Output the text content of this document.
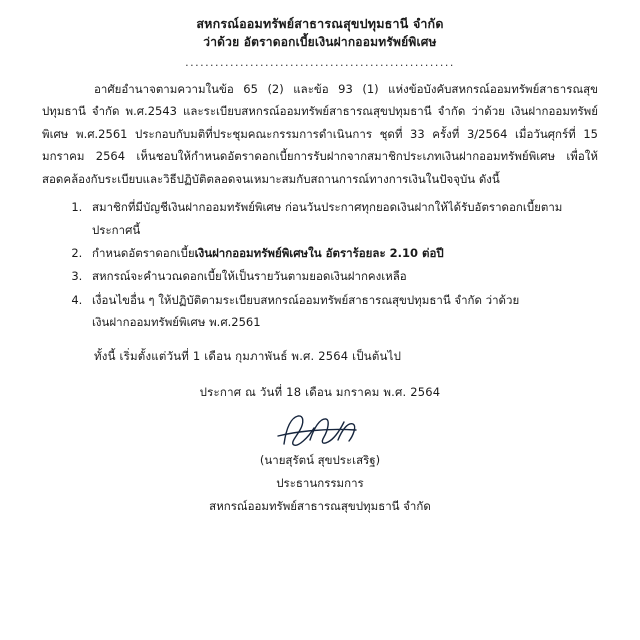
สหกรณ์ออมทรัพย์สาธารณสุขปทุมธานี จำกัด
ว่าด้วย อัตราดอกเบี้ยเงินฝากออมทรัพย์พิเศษ
......................................................
อาศัยอำนาจตามความในข้อ 65 (2) และข้อ 93 (1) แห่งข้อบังคับสหกรณ์ออมทรัพย์สาธารณสุขปทุมธานี จำกัด พ.ศ.2543 และระเบียบสหกรณ์ออมทรัพย์สาธารณสุขปทุมธานี จำกัด ว่าด้วย เงินฝากออมทรัพย์พิเศษ พ.ศ.2561 ประกอบกับมติที่ประชุมคณะกรรมการดำเนินการ ชุดที่ 33 ครั้งที่ 3/2564 เมื่อวันศุกร์ที่ 15 มกราคม 2564 เห็นชอบให้กำหนดอัตราดอกเบี้ยการรับฝากจากสมาชิกประเภทเงินฝากออมทรัพย์พิเศษ เพื่อให้สอดคล้องกับระเบียบและวิธีปฏิบัติตลอดจนเหมาะสมกับสถานการณ์ทางการเงินในปัจจุบัน ดังนี้
1. สมาชิกที่มีบัญชีเงินฝากออมทรัพย์พิเศษ ก่อนวันประกาศทุกยอดเงินฝากให้ได้รับอัตราดอกเบี้ยตาม
ประกาศนี้
2. กำหนดอัตราดอกเบี้ยเงินฝากออมทรัพย์พิเศษใน อัตราร้อยละ 2.10 ต่อปี
3. สหกรณ์จะคำนวณดอกเบี้ยให้เป็นรายวันตามยอดเงินฝากคงเหลือ
4. เงื่อนไขอื่น ๆ ให้ปฏิบัติตามระเบียบสหกรณ์ออมทรัพย์สาธารณสุขปทุมธานี จำกัด ว่าด้วย
เงินฝากออมทรัพย์พิเศษ พ.ศ.2561
ทั้งนี้ เริ่มตั้งแต่วันที่ 1 เดือน กุมภาพันธ์ พ.ศ. 2564 เป็นต้นไป
ประกาศ ณ วันที่ 18 เดือน มกราคม พ.ศ. 2564
(นายสุรัตน์ สุขประเสริฐ)
ประธานกรรมการ
สหกรณ์ออมทรัพย์สาธารณสุขปทุมธานี จำกัด
